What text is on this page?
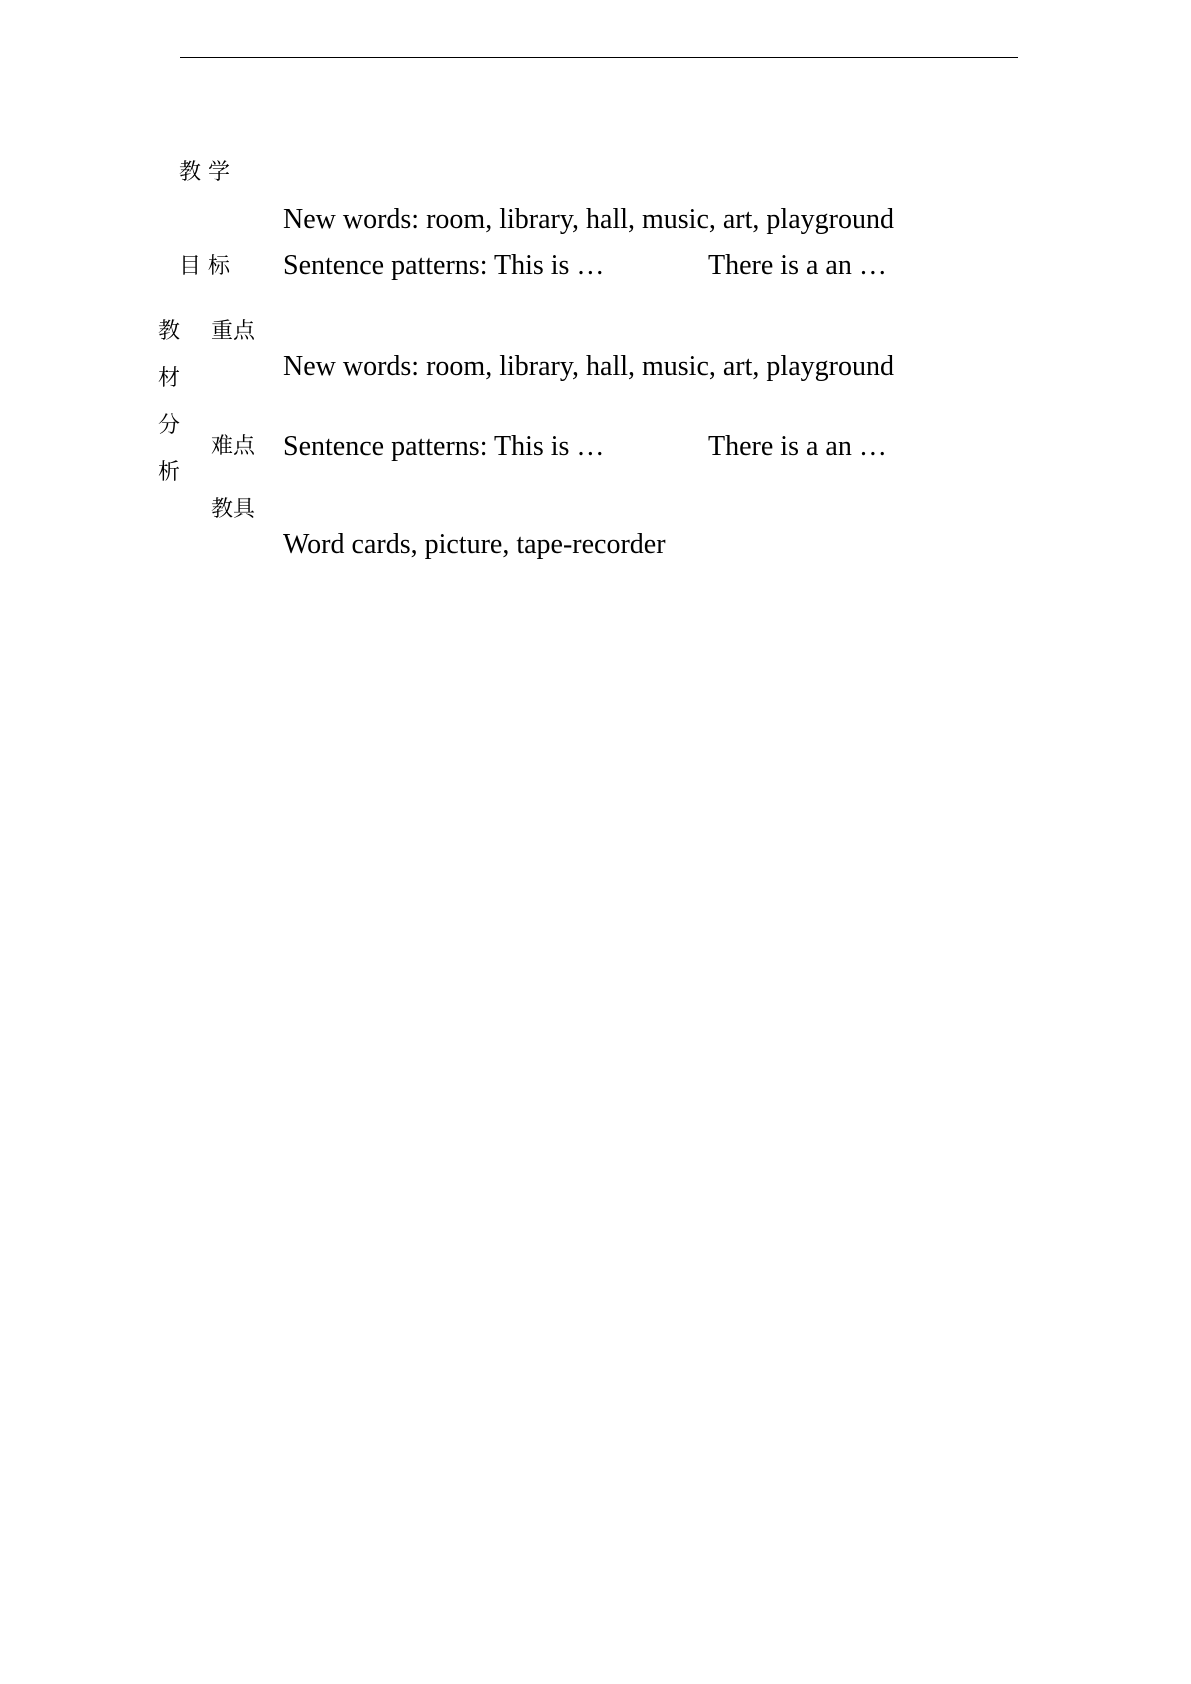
教 学
New words: room, library, hall, music, art, playground
目 标 Sentence patterns: This is …	There is a an …
教
材
分
析
重点
New words: room, library, hall, music, art, playground
难点 Sentence patterns: This is …	There is a an …
教具
Word cards, picture, tape-recorder
